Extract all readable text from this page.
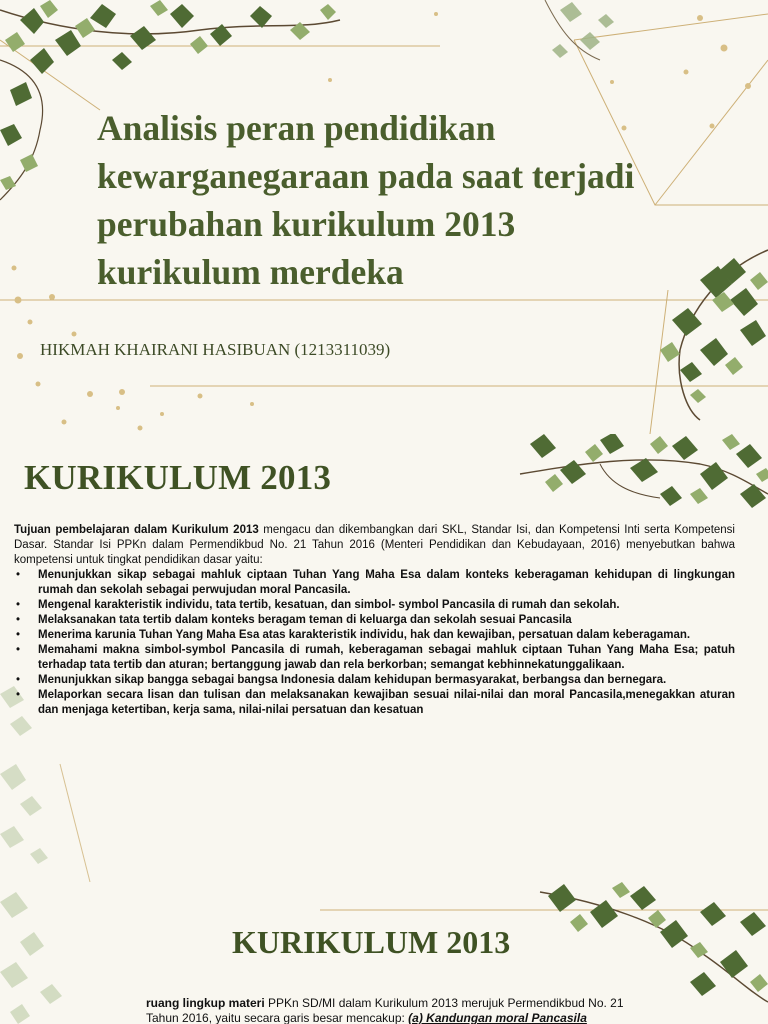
Analisis peran pendidikan kewarganegaraan pada saat terjadi perubahan kurikulum 2013 kurikulum merdeka

HIKMAH KHAIRANI HASIBUAN (1213311039)

KURIKULUM 2013

Tujuan pembelajaran dalam Kurikulum 2013 mengacu dan dikembangkan dari SKL, Standar Isi, dan Kompetensi Inti serta Kompetensi Dasar. Standar Isi PPKn dalam Permendikbud No. 21 Tahun 2016 (Menteri Pendidikan dan Kebudayaan, 2016) menyebutkan bahwa kompetensi untuk tingkat pendidikan dasar yaitu:

• Menunjukkan sikap sebagai mahluk ciptaan Tuhan Yang Maha Esa dalam konteks keberagaman kehidupan di lingkungan rumah dan sekolah sebagai perwujudan moral Pancasila.
• Mengenal karakteristik individu, tata tertib, kesatuan, dan simbol- symbol Pancasila di rumah dan sekolah.
• Melaksanakan tata tertib dalam konteks beragam teman di keluarga dan sekolah sesuai Pancasila
• Menerima karunia Tuhan Yang Maha Esa atas karakteristik individu, hak dan kewajiban, persatuan dalam keberagaman.
• Memahami makna simbol-symbol Pancasila di rumah, keberagaman sebagai mahluk ciptaan Tuhan Yang Maha Esa; patuh terhadap tata tertib dan aturan; bertanggung jawab dan rela berkorban; semangat kebhinnekatunggalikaan.
• Menunjukkan sikap bangga sebagai bangsa Indonesia dalam kehidupan bermasyarakat, berbangsa dan bernegara.
• Melaporkan secara lisan dan tulisan dan melaksanakan kewajiban sesuai nilai-nilai dan moral Pancasila,menegakkan aturan dan menjaga ketertiban, kerja sama, nilai-nilai persatuan dan kesatuan
KURIKULUM 2013

ruang lingkup materi PPKn SD/MI dalam Kurikulum 2013 merujuk Permendikbud No. 21 Tahun 2016, yaitu secara garis besar mencakup: (a) Kandungan moral Pancasila
